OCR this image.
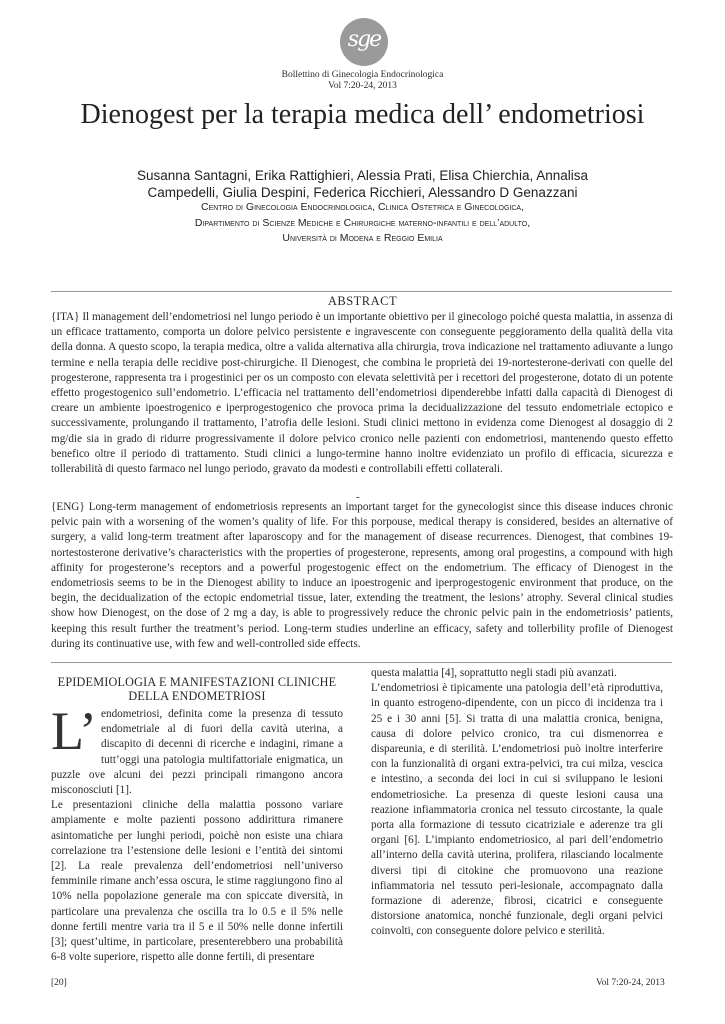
sge
Bollettino di Ginecologia Endocrinologica
Vol 7:20-24, 2013
Dienogest per la terapia medica dell’ endometriosi
Susanna Santagni, Erika Rattighieri, Alessia Prati, Elisa Chierchia, Annalisa Campedelli, Giulia Despini, Federica Ricchieri, Alessandro D Genazzani
Centro di Ginecologia Endocrinologica, Clinica Ostetrica e Ginecologica,
Dipartimento di Scienze Mediche e Chirurgiche materno-infantili e dell’adulto,
Università di Modena e Reggio Emilia
ABSTRACT

{ITA} Il management dell’endometriosi nel lungo periodo è un importante obiettivo per il ginecologo poiché questa malattia, in assenza di un efficace trattamento, comporta un dolore pelvico persistente e ingravescente con conseguente peggioramento della qualità della vita della donna. A questo scopo, la terapia medica, oltre a valida alternativa alla chirurgia, trova indicazione nel trattamento adiuvante a lungo termine e nella terapia delle recidive post-chirurgiche. Il Dienogest, che combina le proprietà dei 19-nortesterone-derivati con quelle del progesterone, rappresenta tra i progestinici per os un composto con elevata selettività per i recettori del progesterone, dotato di un potente effetto progestogenico sull’endometrio. L’efficacia nel trattamento dell’endometriosi dipenderebbe infatti dalla capacità di Dienogest di creare un ambiente ipoestrogenico e iperprogestogenico che provoca prima la decidualizzazione del tessuto endometriale ectopico e successivamente, prolungando il trattamento, l’atrofia delle lesioni. Studi clinici mettono in evidenza come Dienogest al dosaggio di 2 mg/die sia in grado di ridurre progressivamente il dolore pelvico cronico nelle pazienti con endometriosi, mantenendo questo effetto benefico oltre il periodo di trattamento. Studi clinici a lungo-termine hanno inoltre evidenziato un profilo di efficacia, sicurezza e tollerabilità di questo farmaco nel lungo periodo, gravato da modesti e controllabili effetti collaterali.

-

{ENG} Long-term management of endometriosis represents an important target for the gynecologist since this disease induces chronic pelvic pain with a worsening of the women’s quality of life. For this porpouse, medical therapy is considered, besides an alternative of surgery, a valid long-term treatment after laparoscopy and for the management of disease recurrences. Dienogest, that combines 19-nortestosterone derivative’s characteristics with the properties of progesterone, represents, among oral progestins, a compound with high affinity for progesterone’s receptors and a powerful progestogenic effect on the endometrium. The efficacy of Dienogest in the endometriosis seems to be in the Dienogest ability to induce an ipoestrogenic and iperprogestogenic environment that produce, on the begin, the decidualization of the ectopic endometrial tissue, later, extending the treatment, the lesions’ atrophy. Several clinical studies show how Dienogest, on the dose of 2 mg a day, is able to progressively reduce the chronic pelvic pain in the endometriosis’ patients, keeping this result further the treatment’s period. Long-term studies underline an efficacy, safety and tollerbility profile of Dienogest during its continuative use, with few and well-controlled side effects.

EPIDEMIOLOGIA E MANIFESTAZIONI CLINICHE DELLA ENDOMETRIOSI
L’ endometriosi, definita come la presenza di tessuto endometriale al di fuori della cavità uterina, a discapito di decenni di ricerche e indagini, rimane a tutt’oggi una patologia multifattoriale enigmatica, un puzzle ove alcuni dei pezzi principali rimangono ancora misconosciuti [1].

Le presentazioni cliniche della malattia possono variare ampiamente e molte pazienti possono addirittura rimanere asintomatiche per lunghi periodi, poichè non esiste una chiara correlazione tra l’estensione delle lesioni e l’entità dei sintomi [2]. La reale prevalenza dell’endometriosi nell’universo femminile rimane anch’essa oscura, le stime raggiungono fino al 10% nella popolazione generale ma con spiccate diversità, in particolare una prevalenza che oscilla tra lo 0.5 e il 5% nelle donne fertili mentre varia tra il 5 e il 50% nelle donne infertili [3]; quest’ultime, in particolare, presenterebbero una probabilità 6-8 volte superiore, rispetto alle donne fertili, di presentare

questa malattia [4], soprattutto negli stadi più avanzati.

L’endometriosi è tipicamente una patologia dell’età riproduttiva, in quanto estrogeno-dipendente, con un picco di incidenza tra i 25 e i 30 anni [5]. Si tratta di una malattia cronica, benigna, causa di dolore pelvico cronico, tra cui dismenorrea e dispareunia, e di sterilità. L’endometriosi può inoltre interferire con la funzionalità di organi extra-pelvici, tra cui milza, vescica e intestino, a seconda dei loci in cui si sviluppano le lesioni endometriosiche. La presenza di queste lesioni causa una reazione infiammatoria cronica nel tessuto circostante, la quale porta alla formazione di tessuto cicatriziale e aderenze tra gli organi [6]. L’impianto endometriosico, al pari dell’endometrio all’interno della cavità uterina, prolifera, rilasciando localmente diversi tipi di citokine che promuovono una reazione infiammatoria nel tessuto peri-lesionale, accompagnato dalla formazione di aderenze, fibrosi, cicatrici e conseguente distorsione anatomica, nonché funzionale, degli organi pelvici coinvolti, con conseguente dolore pelvico e sterilità.

[20]	Vol 7:20-24, 2013
